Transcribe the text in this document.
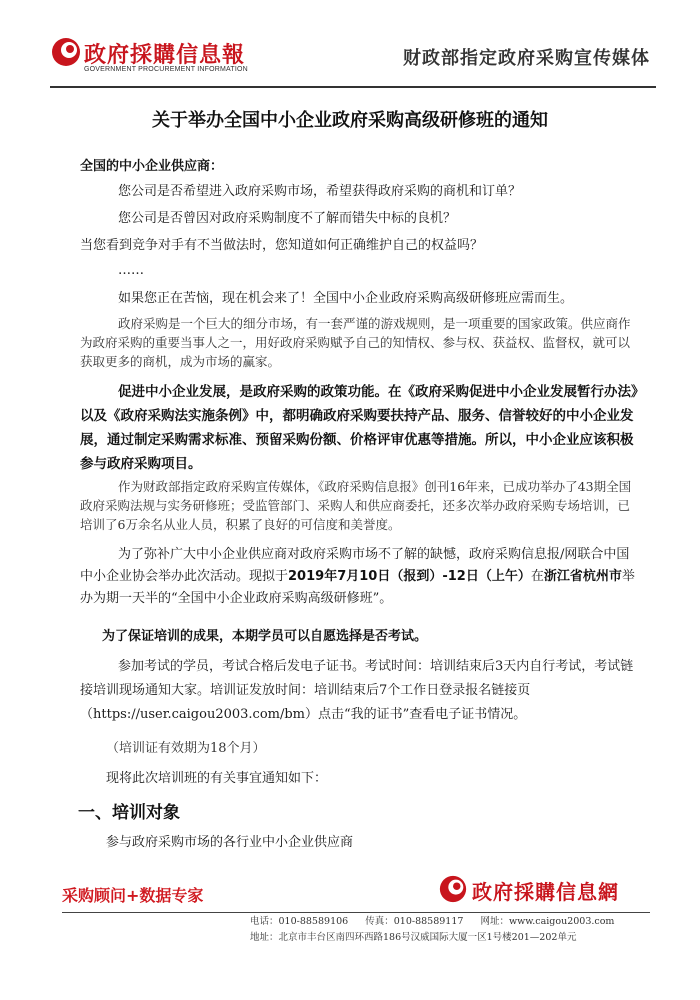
政府採購信息報
GOVERNMENT PROCUREMENT INFORMATION
财政部指定政府采购宣传媒体
关于举办全国中小企业政府采购高级研修班的通知
全国的中小企业供应商：
您公司是否希望进入政府采购市场，希望获得政府采购的商机和订单？
您公司是否曾因对政府采购制度不了解而错失中标的良机？
当您看到竞争对手有不当做法时，您知道如何正确维护自己的权益吗？
……
如果您正在苦恼，现在机会来了！全国中小企业政府采购高级研修班应需而生。
政府采购是一个巨大的细分市场，有一套严谨的游戏规则，是一项重要的国家政策。供应商作为政府采购的重要当事人之一，用好政府采购赋予自己的知情权、参与权、获益权、监督权，就可以获取更多的商机，成为市场的赢家。
促进中小企业发展，是政府采购的政策功能。在《政府采购促进中小企业发展暂行办法》以及《政府采购法实施条例》中，都明确政府采购要扶持产品、服务、信誉较好的中小企业发展，通过制定采购需求标准、预留采购份额、价格评审优惠等措施。所以，中小企业应该积极参与政府采购项目。
作为财政部指定政府采购宣传媒体，《政府采购信息报》创刊16年来，已成功举办了43期全国政府采购法规与实务研修班；受监管部门、采购人和供应商委托，还多次举办政府采购专场培训，已培训了6万余名从业人员，积累了良好的可信度和美誉度。
为了弥补广大中小企业供应商对政府采购市场不了解的缺憾，政府采购信息报/网联合中国中小企业协会举办此次活动。现拟于2019年7月10日（报到）-12日（上午）在浙江省杭州市举办为期一天半的“全国中小企业政府采购高级研修班”。
为了保证培训的成果，本期学员可以自愿选择是否考试。
参加考试的学员，考试合格后发电子证书。考试时间：培训结束后3天内自行考试，考试链接培训现场通知大家。培训证发放时间：培训结束后7个工作日登录报名链接页（https://user.caigou2003.com/bm）点击“我的证书”查看电子证书情况。
（培训证有效期为18个月）
现将此次培训班的有关事宜通知如下：
一、培训对象
参与政府采购市场的各行业中小企业供应商
采购顾问+数据专家	政府採購信息網
电话：010-88589106 传真：010-88589117 网址：www.caigou2003.com
地址：北京市丰台区南四环西路186号汉威国际大厦一区1号楼201—202单元
